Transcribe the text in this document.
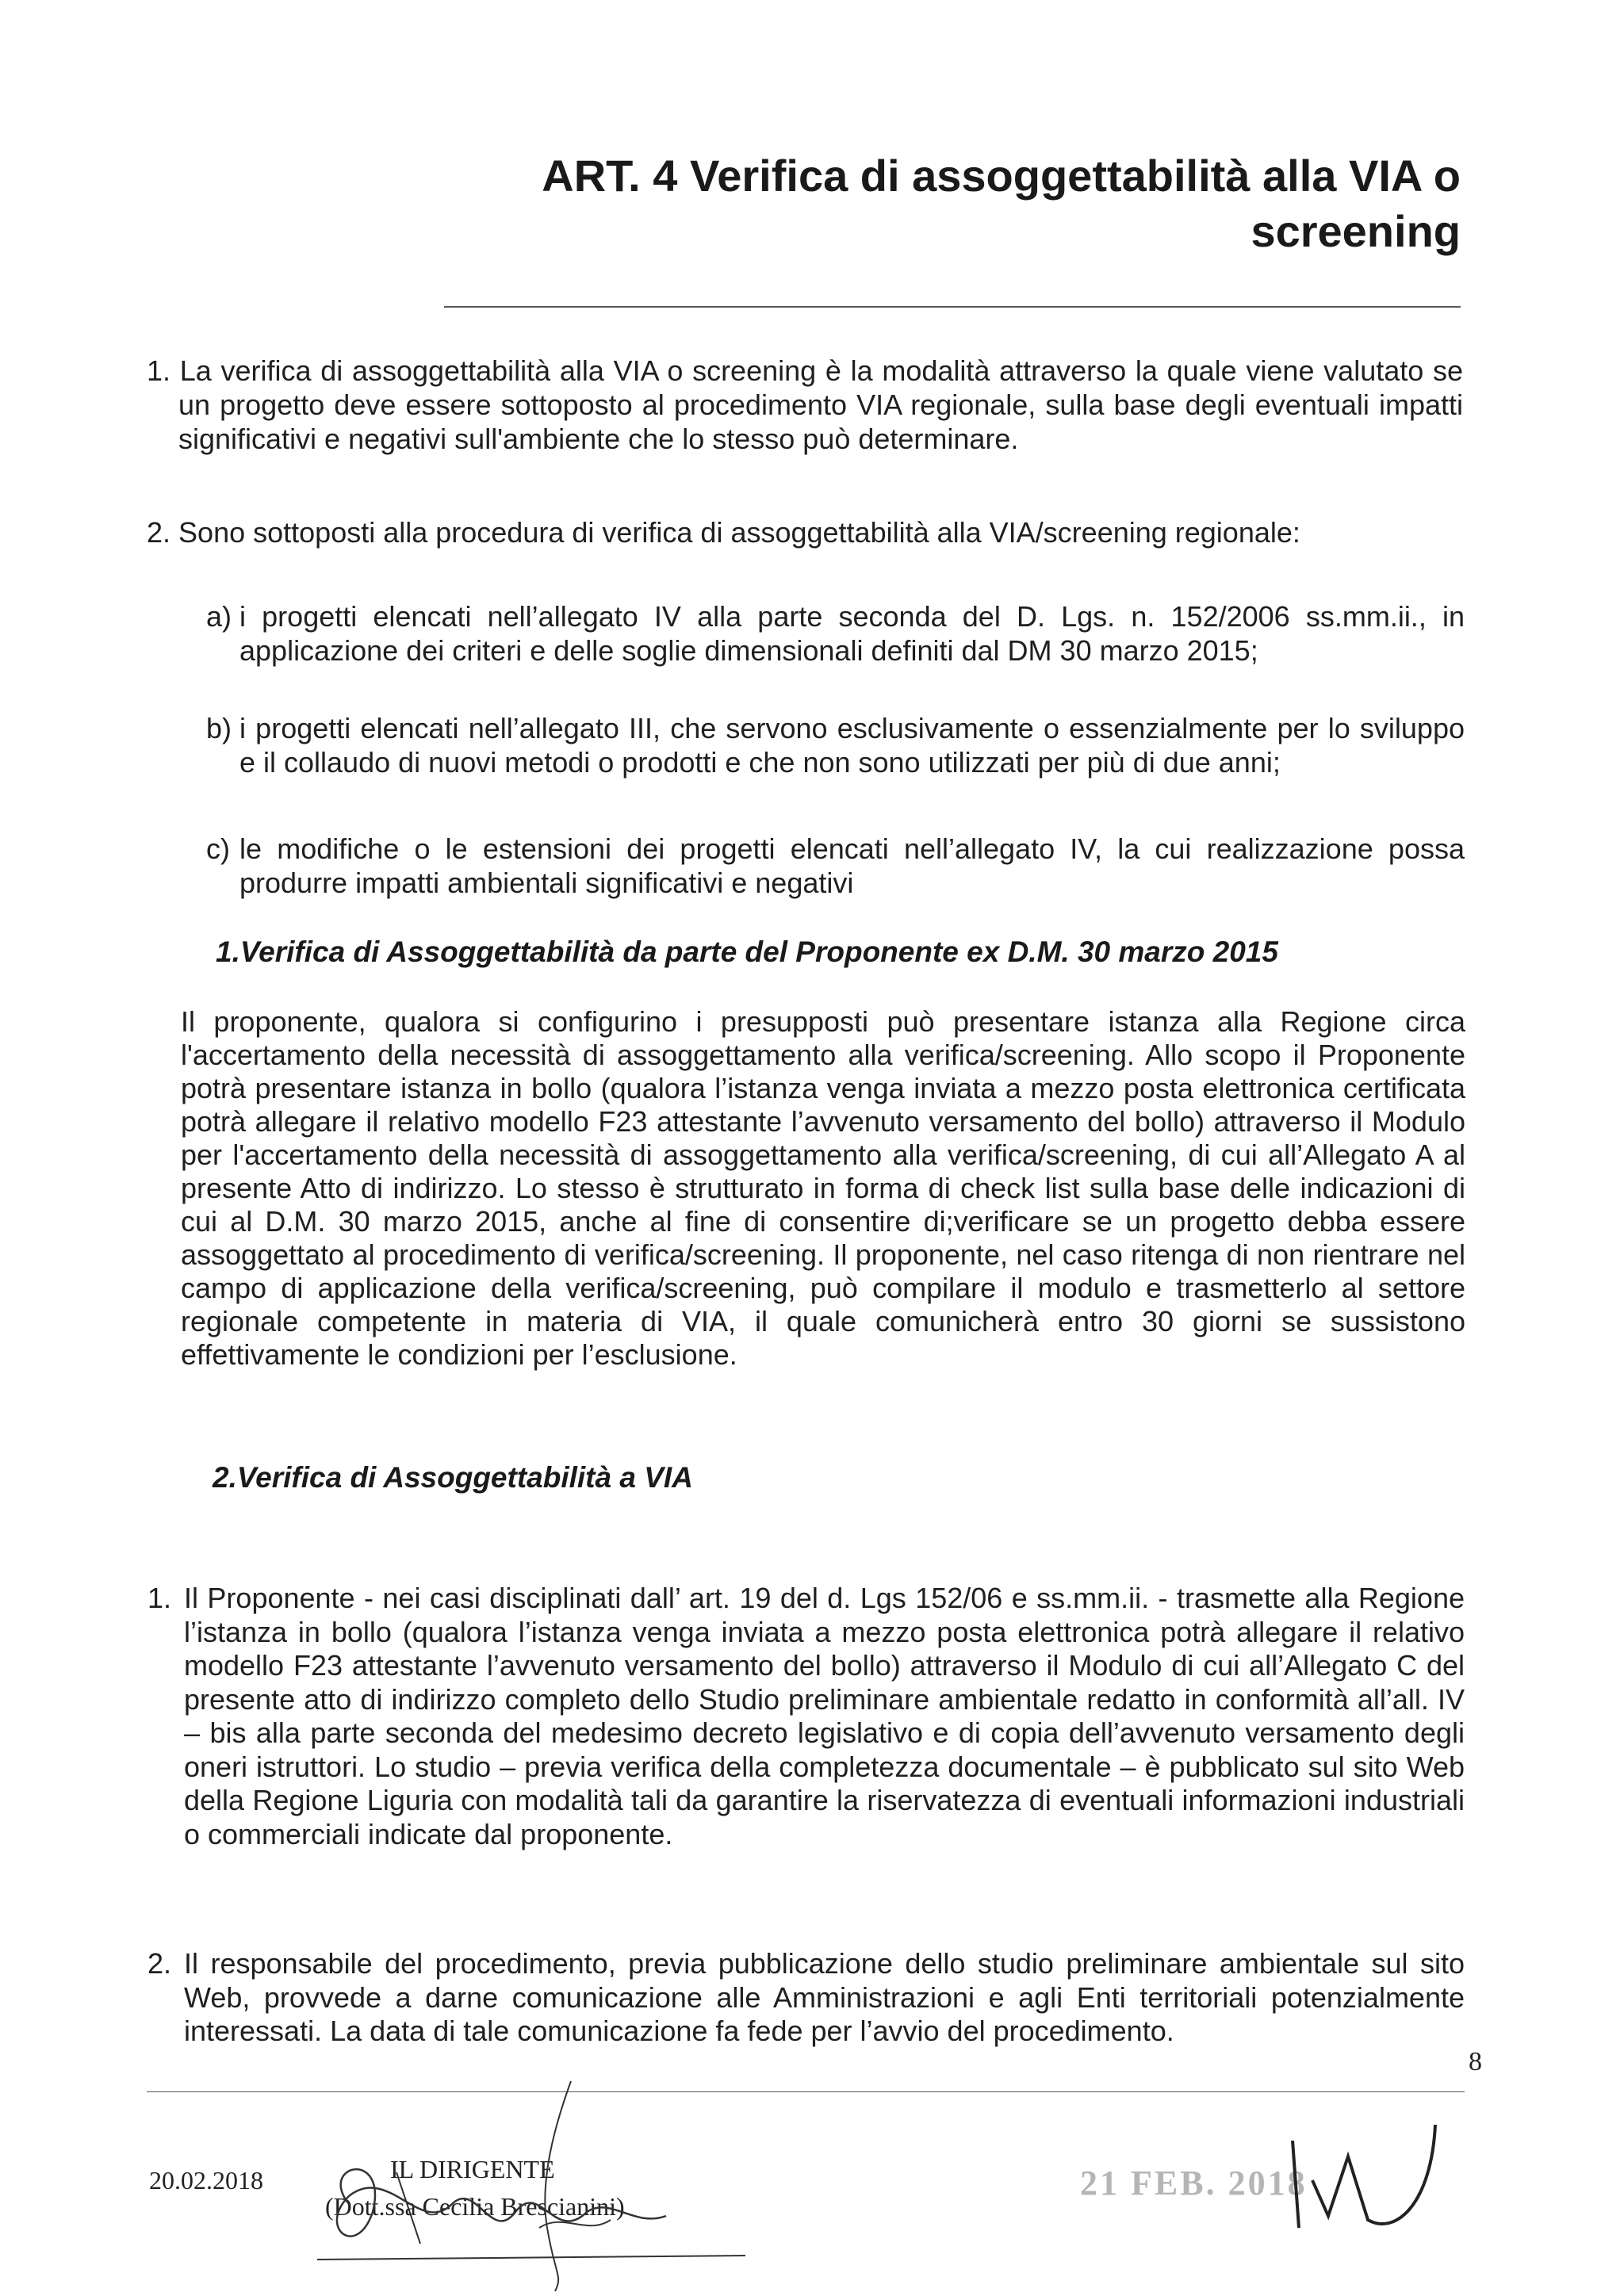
ART. 4 Verifica di assoggettabilità alla VIA o
screening
1. La verifica di assoggettabilità alla VIA o screening è la modalità attraverso la quale viene valutato se un progetto deve essere sottoposto al procedimento VIA regionale, sulla base degli eventuali impatti significativi e negativi sull'ambiente che lo stesso può determinare.
2. Sono sottoposti alla procedura di verifica di assoggettabilità alla VIA/screening regionale:
a) i progetti elencati nell’allegato IV alla parte seconda del D. Lgs. n. 152/2006 ss.mm.ii., in applicazione dei criteri e delle soglie dimensionali definiti dal DM 30 marzo 2015;
b) i progetti elencati nell’allegato III, che servono esclusivamente o essenzialmente per lo sviluppo e il collaudo di nuovi metodi o prodotti e che non sono utilizzati per più di due anni;
c) le modifiche o le estensioni dei progetti elencati nell’allegato IV, la cui realizzazione possa produrre impatti ambientali significativi e negativi
1.Verifica di Assoggettabilità da parte del Proponente ex D.M. 30 marzo 2015
Il proponente, qualora si configurino i presupposti può presentare istanza alla Regione circa l'accertamento della necessità di assoggettamento alla verifica/screening. Allo scopo il Proponente potrà presentare istanza in bollo (qualora l’istanza venga inviata a mezzo posta elettronica certificata potrà allegare il relativo modello F23 attestante l’avvenuto versamento del bollo) attraverso il Modulo per l'accertamento della necessità di assoggettamento alla verifica/screening, di cui all’Allegato A al presente Atto di indirizzo. Lo stesso è strutturato in forma di check list sulla base delle indicazioni di cui al D.M. 30 marzo 2015, anche al fine di consentire di;verificare se un progetto debba essere assoggettato al procedimento di verifica/screening. Il proponente, nel caso ritenga di non rientrare nel campo di applicazione della verifica/screening, può compilare il modulo e trasmetterlo al settore regionale competente in materia di VIA, il quale comunicherà entro 30 giorni se sussistono effettivamente le condizioni per l’esclusione.
2.Verifica di Assoggettabilità a VIA
1. Il Proponente - nei casi disciplinati dall’ art. 19 del d. Lgs 152/06 e ss.mm.ii. - trasmette alla Regione l’istanza in bollo (qualora l’istanza venga inviata a mezzo posta elettronica potrà allegare il relativo modello F23 attestante l’avvenuto versamento del bollo) attraverso il Modulo di cui all’Allegato C del presente atto di indirizzo completo dello Studio preliminare ambientale redatto in conformità all’all. IV – bis alla parte seconda del medesimo decreto legislativo e di copia dell’avvenuto versamento degli oneri istruttori. Lo studio – previa verifica della completezza documentale – è pubblicato sul sito Web della Regione Liguria con modalità tali da garantire la riservatezza di eventuali informazioni industriali o commerciali indicate dal proponente.
2. Il responsabile del procedimento, previa pubblicazione dello studio preliminare ambientale sul sito Web, provvede a darne comunicazione alle Amministrazioni e agli Enti territoriali potenzialmente interessati. La data di tale comunicazione fa fede per l’avvio del procedimento.
8
20.02.2018	IL DIRIGENTE
(Dott.ssa Cecilia Brescianini)
21 FEB. 2018
